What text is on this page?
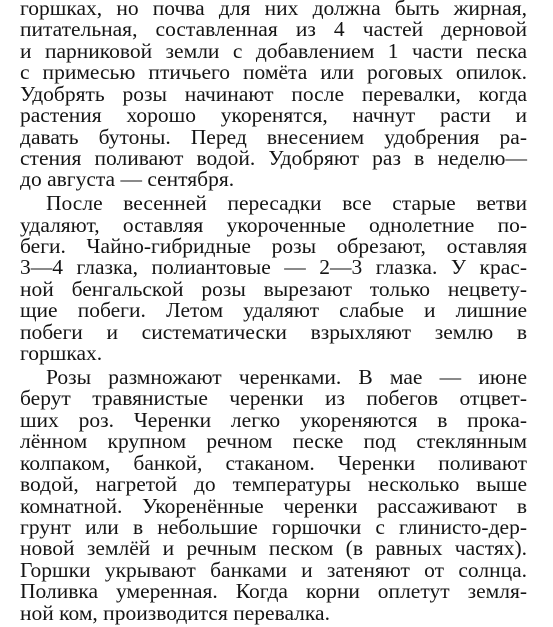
горшках, но почва для них должна быть жирная,
питательная, составленная из 4 частей дерновой
и парниковой земли с добавлением 1 части песка
с примесью птичьего помёта или роговых опилок.
Удобрять розы начинают после перевалки, когда
растения хорошо укоренятся, начнут расти и
давать бутоны. Перед внесением удобрения ра-
стения поливают водой. Удобряют раз в неделю—
до августа — сентября.
После весенней пересадки все старые ветви
удаляют, оставляя укороченные однолетние по-
беги. Чайно-гибридные розы обрезают, оставляя
3—4 глазка, полиантовые — 2—3 глазка. У крас-
ной бенгальской розы вырезают только нецвету-
щие побеги. Летом удаляют слабые и лишние
побеги и систематически взрыхляют землю в
горшках.
Розы размножают черенками. В мае — июне
берут травянистые черенки из побегов отцвет-
ших роз. Черенки легко укореняются в прока-
лённом крупном речном песке под стеклянным
колпаком, банкой, стаканом. Черенки поливают
водой, нагретой до температуры несколько выше
комнатной. Укоренённые черенки рассаживают в
грунт или в небольшие горшочки с глинисто-дер-
новой землёй и речным песком (в равных частях).
Горшки укрывают банками и затеняют от солнца.
Поливка умеренная. Когда корни оплетут земля-
ной ком, производится перевалка.
